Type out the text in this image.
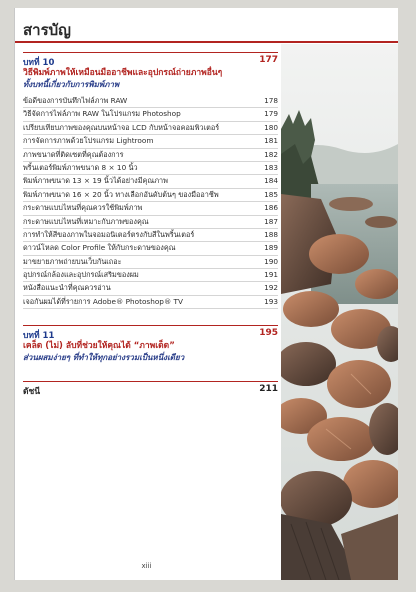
สารบัญ
บทที่ 10	177
วิธีพิมพ์ภาพให้เหมือนมืออาชีพและอุปกรณ์ถ่ายภาพอื่นๆ
ทั้งบทนี้เกี่ยวกับการพิมพ์ภาพ
ข้อดีของการบันทึกไฟล์ภาพ RAW	178
วิธีจัดการไฟล์ภาพ RAW ในโปรแกรม Photoshop	179
เปรียบเทียบภาพของคุณบนหน้าจอ LCD กับหน้าจอคอมพิวเตอร์	180
การจัดการภาพด้วยโปรแกรม Lightroom	181
ภาพขนาดที่ติดเซตที่คุณต้องการ	182
พริ้นเตอร์พิมพ์ภาพขนาด 8 × 10 นิ้ว	183
พิมพ์ภาพขนาด 13 × 19 นิ้วได้อย่างมีคุณภาพ	184
พิมพ์ภาพขนาด 16 × 20 นิ้ว ทางเลือกอันดับต้นๆ ของมืออาชีพ	185
กระดาษแบบไหนที่คุณควรใช้พิมพ์ภาพ	186
กระดาษแบบไหนที่เหมาะกับภาพของคุณ	187
การทำให้สีของภาพในจอมอนิเตอร์ตรงกับสีในพริ้นเตอร์	188
ดาวน์โหลด Color Profile ให้กับกระดาษของคุณ	189
มาขยายภาพถ่ายบนเว็บกันเถอะ	190
อุปกรณ์กล้องและอุปกรณ์เสริมของผม	191
หนังสือแนะนำที่คุณควรอ่าน	192
เจอกันผมได้ที่รายการ Adobe® Photoshop® TV	193
บทที่ 11	195
เคล็ด (ไม่) ลับที่ช่วยให้คุณได้ “ภาพเด็ด”
ส่วนผสมง่ายๆ ที่ทำให้ทุกอย่างรวมเป็นหนึ่งเดียว
ดัชนี	211
xiii
